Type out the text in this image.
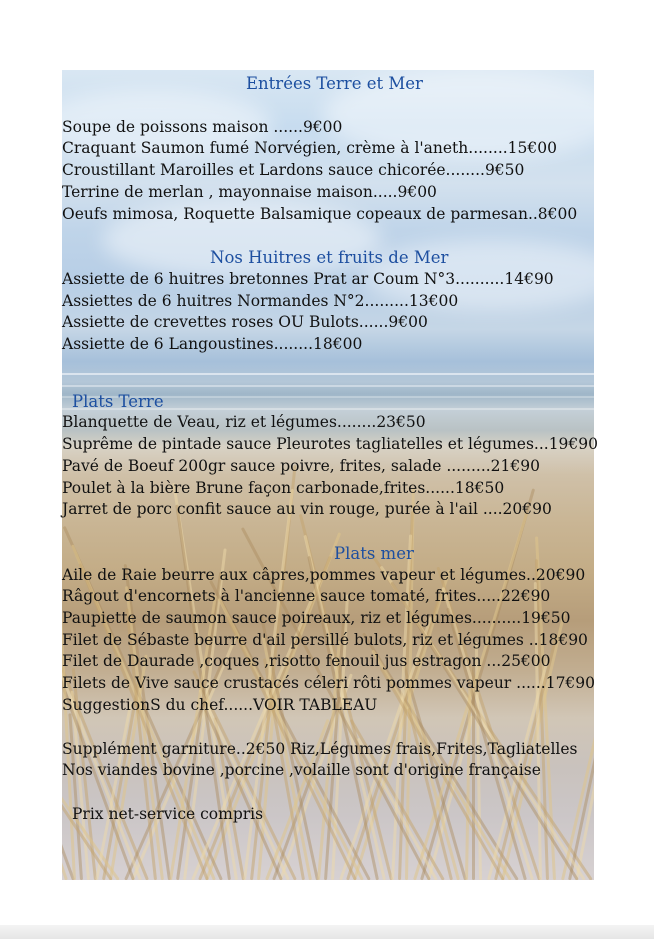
Entrées Terre et Mer
Soupe de poissons maison ......9€00
Craquant Saumon fumé Norvégien, crème à l'aneth........15€00
Croustillant Maroilles et Lardons sauce chicorée........9€50
Terrine de merlan , mayonnaise maison.....9€00
Oeufs mimosa, Roquette Balsamique copeaux de parmesan..8€00
Nos Huitres et fruits de Mer
Assiette de 6 huitres bretonnes Prat ar Coum N°3..........14€90
Assiettes de 6 huitres Normandes N°2.........13€00
Assiette de crevettes roses OU Bulots......9€00
Assiette de 6 Langoustines........18€00
Plats Terre
Blanquette de Veau, riz et légumes........23€50
Suprême de pintade sauce Pleurotes tagliatelles et légumes...19€90
Pavé de Boeuf 200gr sauce poivre, frites, salade .........21€90
Poulet à la bière Brune façon carbonade,frites......18€50
Jarret de porc confit sauce au vin rouge, purée à l'ail ....20€90
Plats mer
Aile de Raie beurre aux câpres,pommes vapeur et légumes..20€90
Râgout d'encornets à l'ancienne sauce tomaté, frites.....22€90
Paupiette de saumon sauce poireaux, riz et légumes..........19€50
Filet de Sébaste beurre d'ail persillé bulots, riz et légumes ..18€90
Filet de Daurade ,coques ,risotto fenouil jus estragon ...25€00
Filets de Vive sauce crustacés céleri rôti pommes vapeur ......17€90
SuggestionS du chef......VOIR TABLEAU
Supplément garniture..2€50 Riz,Légumes frais,Frites,Tagliatelles
Nos viandes bovine ,porcine ,volaille sont d'origine française
Prix net-service compris
